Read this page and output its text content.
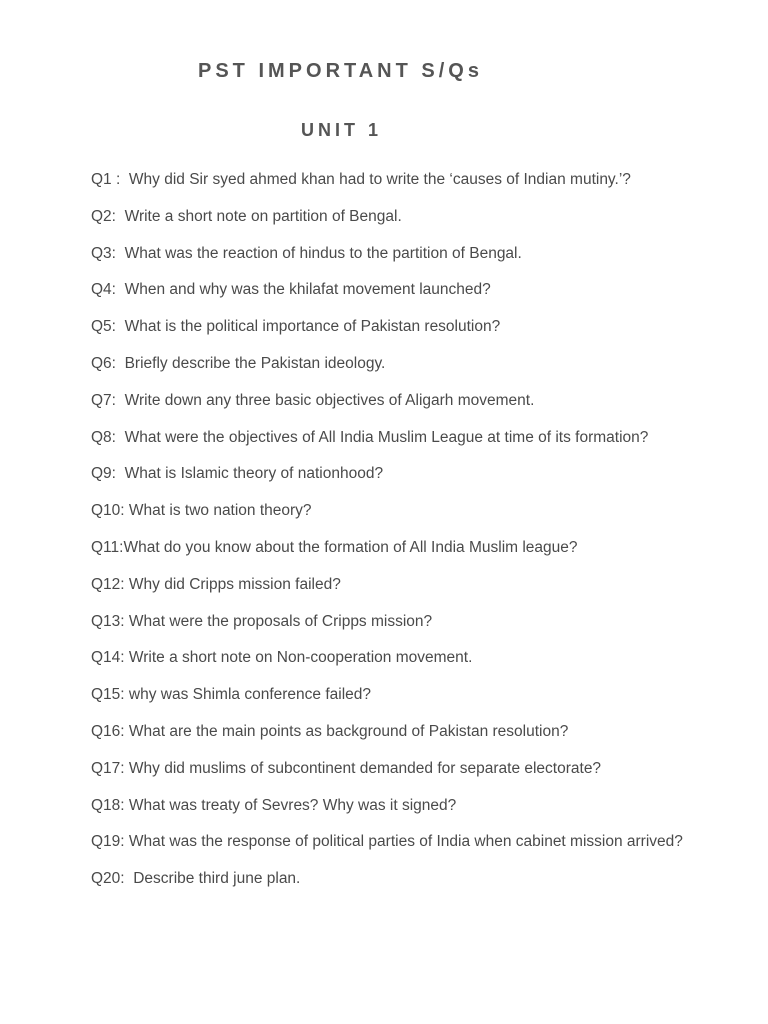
PST IMPORTANT S/Qs
UNIT 1
Q1 :  Why did Sir syed ahmed khan had to write the ‘causes of Indian mutiny.’?
Q2:  Write a short note on partition of Bengal.
Q3:  What was the reaction of hindus to the partition of Bengal.
Q4:  When and why was the khilafat movement launched?
Q5:  What is the political importance of Pakistan resolution?
Q6:  Briefly describe the Pakistan ideology.
Q7:  Write down any three basic objectives of Aligarh movement.
Q8:  What were the objectives of All India Muslim League at time of its formation?
Q9:  What is Islamic theory of nationhood?
Q10: What is two nation theory?
Q11:What do you know about the formation of All India Muslim league?
Q12: Why did Cripps mission failed?
Q13: What were the proposals of Cripps mission?
Q14: Write a short note on Non-cooperation movement.
Q15: why was Shimla conference failed?
Q16: What are the main points as background of Pakistan resolution?
Q17: Why did muslims of subcontinent demanded for separate electorate?
Q18: What was treaty of Sevres? Why was it signed?
Q19: What was the response of political parties of India when cabinet mission arrived?
Q20:  Describe third june plan.
